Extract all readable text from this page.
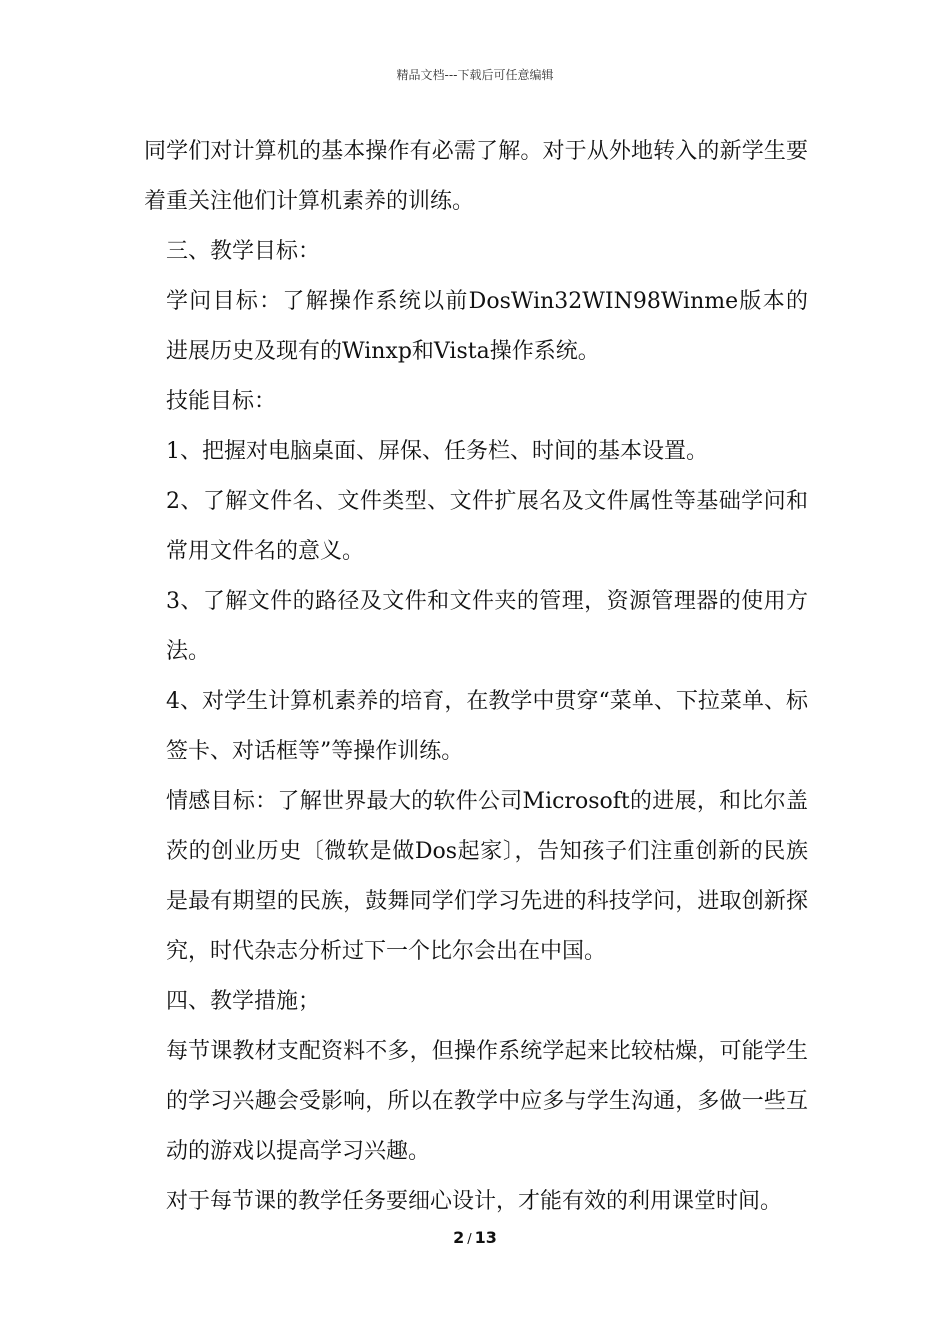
精品文档---下载后可任意编辑

同学们对计算机的基本操作有必需了解。对于从外地转入的新学生要着重关注他们计算机素养的训练。

三、教学目标：

学问目标：了解操作系统以前DosWin32WIN98Winme版本的进展历史及现有的Winxp和Vista操作系统。

技能目标：

1、把握对电脑桌面、屏保、任务栏、时间的基本设置。

2、了解文件名、文件类型、文件扩展名及文件属性等基础学问和常用文件名的意义。

3、了解文件的路径及文件和文件夹的管理，资源管理器的使用方法。

4、对学生计算机素养的培育，在教学中贯穿“菜单、下拉菜单、标签卡、对话框等”等操作训练。

情感目标：了解世界最大的软件公司Microsoft的进展，和比尔盖茨的创业历史〔微软是做Dos起家〕，告知孩子们注重创新的民族是最有期望的民族，鼓舞同学们学习先进的科技学问，进取创新探究，时代杂志分析过下一个比尔会出在中国。

四、教学措施；

每节课教材支配资料不多，但操作系统学起来比较枯燥，可能学生的学习兴趣会受影响，所以在教学中应多与学生沟通，多做一些互动的游戏以提高学习兴趣。

对于每节课的教学任务要细心设计，才能有效的利用课堂时间。

2 / 13
